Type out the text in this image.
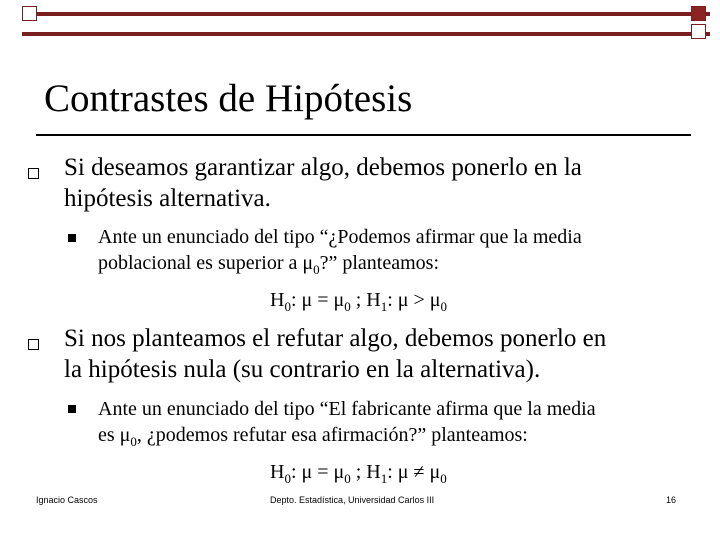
Contrastes de Hipótesis
Si deseamos garantizar algo, debemos ponerlo en la
hipótesis alternativa.
Ante un enunciado del tipo “¿Podemos afirmar que la media
poblacional es superior a $\mu_0$?” planteamos:
$H_0$: $\mu = \mu_0$ ; $H_1$: $\mu > \mu_0$
Si nos planteamos el refutar algo, debemos ponerlo en
la hipótesis nula (su contrario en la alternativa).
Ante un enunciado del tipo “El fabricante afirma que la media
es $\mu_0$, ¿podemos refutar esa afirmación?” planteamos:
$H_0$: $\mu = \mu_0$ ; $H_1$: $\mu \ne \mu_0$
Ignacio Cascos	Depto. Estadística, Universidad Carlos III	16
